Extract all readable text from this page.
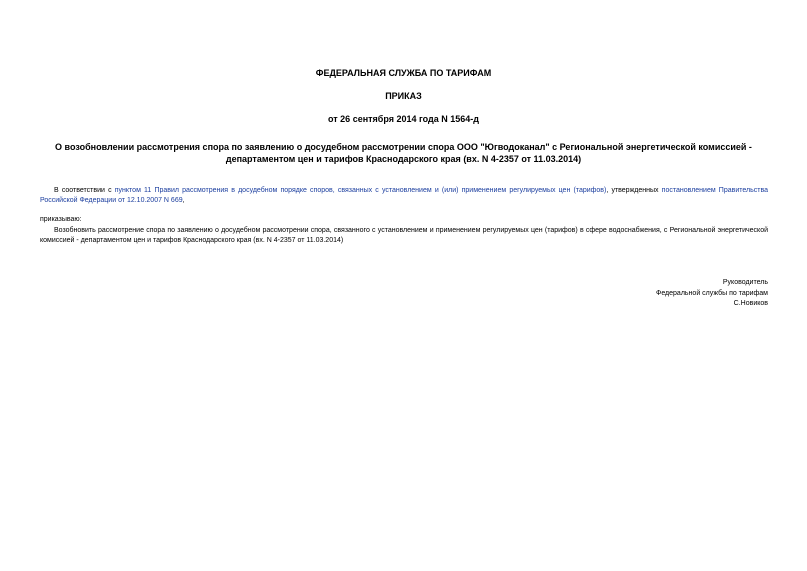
ФЕДЕРАЛЬНАЯ СЛУЖБА ПО ТАРИФАМ
ПРИКАЗ
от 26 сентября 2014 года N 1564-д
О возобновлении рассмотрения спора по заявлению о досудебном рассмотрении спора ООО "Югводоканал" с Региональной энергетической комиссией - департаментом цен и тарифов Краснодарского края (вх. N 4-2357 от 11.03.2014)
В соответствии с пунктом 11 Правил рассмотрения в досудебном порядке споров, связанных с установлением и (или) применением регулируемых цен (тарифов), утвержденных постановлением Правительства Российской Федерации от 12.10.2007 N 669,
приказываю:
Возобновить рассмотрение спора по заявлению о досудебном рассмотрении спора, связанного с установлением и применением регулируемых цен (тарифов) в сфере водоснабжения, с Региональной энергетической комиссией - департаментом цен и тарифов Краснодарского края (вх. N 4-2357 от 11.03.2014)
Руководитель
Федеральной службы по тарифам
С.Новиков
